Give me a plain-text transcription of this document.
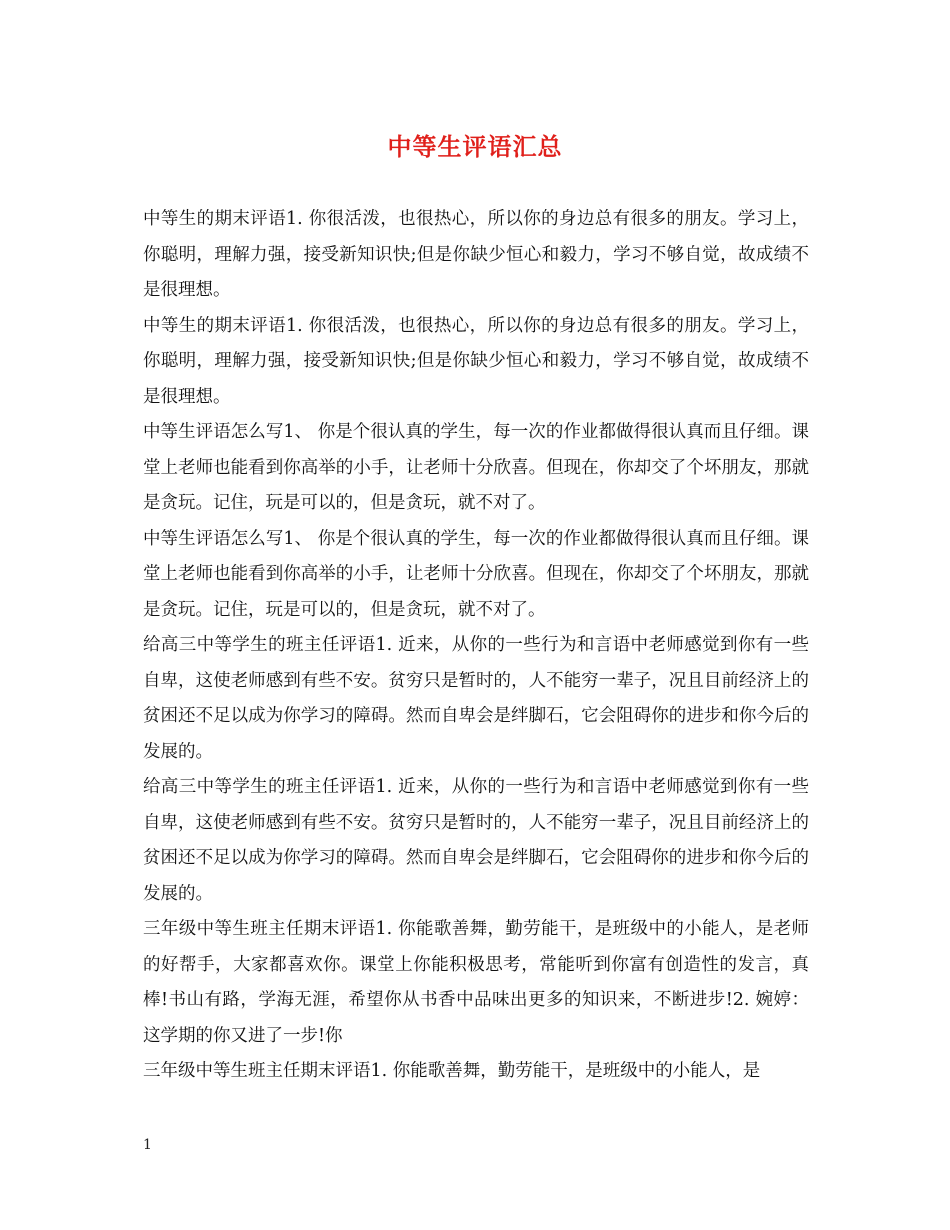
中等生评语汇总

中等生的期末评语1. 你很活泼，也很热心，所以你的身边总有很多的朋友。学习上，你聪明，理解力强，接受新知识快;但是你缺少恒心和毅力，学习不够自觉，故成绩不是很理想。

中等生的期末评语1. 你很活泼，也很热心，所以你的身边总有很多的朋友。学习上，你聪明，理解力强，接受新知识快;但是你缺少恒心和毅力，学习不够自觉，故成绩不是很理想。

中等生评语怎么写1、 你是个很认真的学生，每一次的作业都做得很认真而且仔细。课堂上老师也能看到你高举的小手，让老师十分欣喜。但现在，你却交了个坏朋友，那就是贪玩。记住，玩是可以的，但是贪玩，就不对了。

中等生评语怎么写1、 你是个很认真的学生，每一次的作业都做得很认真而且仔细。课堂上老师也能看到你高举的小手，让老师十分欣喜。但现在，你却交了个坏朋友，那就是贪玩。记住，玩是可以的，但是贪玩，就不对了。

给高三中等学生的班主任评语1. 近来，从你的一些行为和言语中老师感觉到你有一些自卑，这使老师感到有些不安。贫穷只是暂时的，人不能穷一辈子，况且目前经济上的贫困还不足以成为你学习的障碍。然而自卑会是绊脚石，它会阻碍你的进步和你今后的发展的。

给高三中等学生的班主任评语1. 近来，从你的一些行为和言语中老师感觉到你有一些自卑，这使老师感到有些不安。贫穷只是暂时的，人不能穷一辈子，况且目前经济上的贫困还不足以成为你学习的障碍。然而自卑会是绊脚石，它会阻碍你的进步和你今后的发展的。

三年级中等生班主任期末评语1. 你能歌善舞，勤劳能干，是班级中的小能人，是老师的好帮手，大家都喜欢你。课堂上你能积极思考，常能听到你富有创造性的发言，真棒!书山有路，学海无涯，希望你从书香中品味出更多的知识来，不断进步!2. 婉婷：这学期的你又进了一步!你

三年级中等生班主任期末评语1. 你能歌善舞，勤劳能干，是班级中的小能人，是

1
